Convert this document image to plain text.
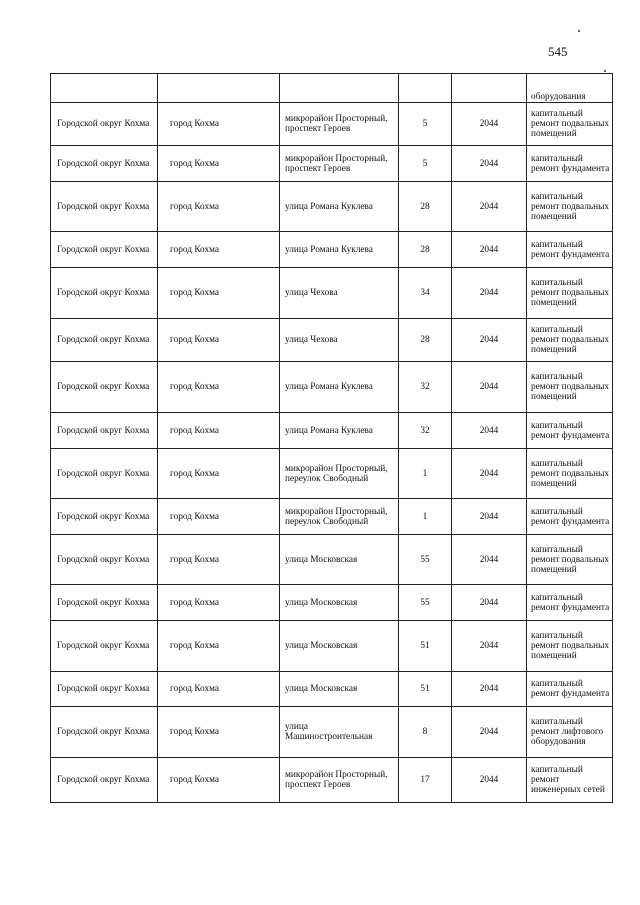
545
					оборудования
Городской округ Кохма	город Кохма	микрорайон Просторный, проспект Героев	5	2044	капитальный ремонт подвальных помещений
Городской округ Кохма	город Кохма	микрорайон Просторный, проспект Героев	5	2044	капитальный ремонт фундамента
Городской округ Кохма	город Кохма	улица Романа Куклева	28	2044	капитальный ремонт подвальных помещений
Городской округ Кохма	город Кохма	улица Романа Куклева	28	2044	капитальный ремонт фундамента
Городской округ Кохма	город Кохма	улица Чехова	34	2044	капитальный ремонт подвальных помещений
Городской округ Кохма	город Кохма	улица Чехова	28	2044	капитальный ремонт подвальных помещений
Городской округ Кохма	город Кохма	улица Романа Куклева	32	2044	капитальный ремонт подвальных помещений
Городской округ Кохма	город Кохма	улица Романа Куклева	32	2044	капитальный ремонт фундамента
Городской округ Кохма	город Кохма	микрорайон Просторный, переулок Свободный	1	2044	капитальный ремонт подвальных помещений
Городской округ Кохма	город Кохма	микрорайон Просторный, переулок Свободный	1	2044	капитальный ремонт фундамента
Городской округ Кохма	город Кохма	улица Московская	55	2044	капитальный ремонт подвальных помещений
Городской округ Кохма	город Кохма	улица Московская	55	2044	капитальный ремонт фундамента
Городской округ Кохма	город Кохма	улица Московская	51	2044	капитальный ремонт подвальных помещений
Городской округ Кохма	город Кохма	улица Московская	51	2044	капитальный ремонт фундамента
Городской округ Кохма	город Кохма	улица Машиностроительная	8	2044	капитальный ремонт лифтового оборудования
Городской округ Кохма	город Кохма	микрорайон Просторный, проспект Героев	17	2044	капитальный ремонт инженерных сетей
